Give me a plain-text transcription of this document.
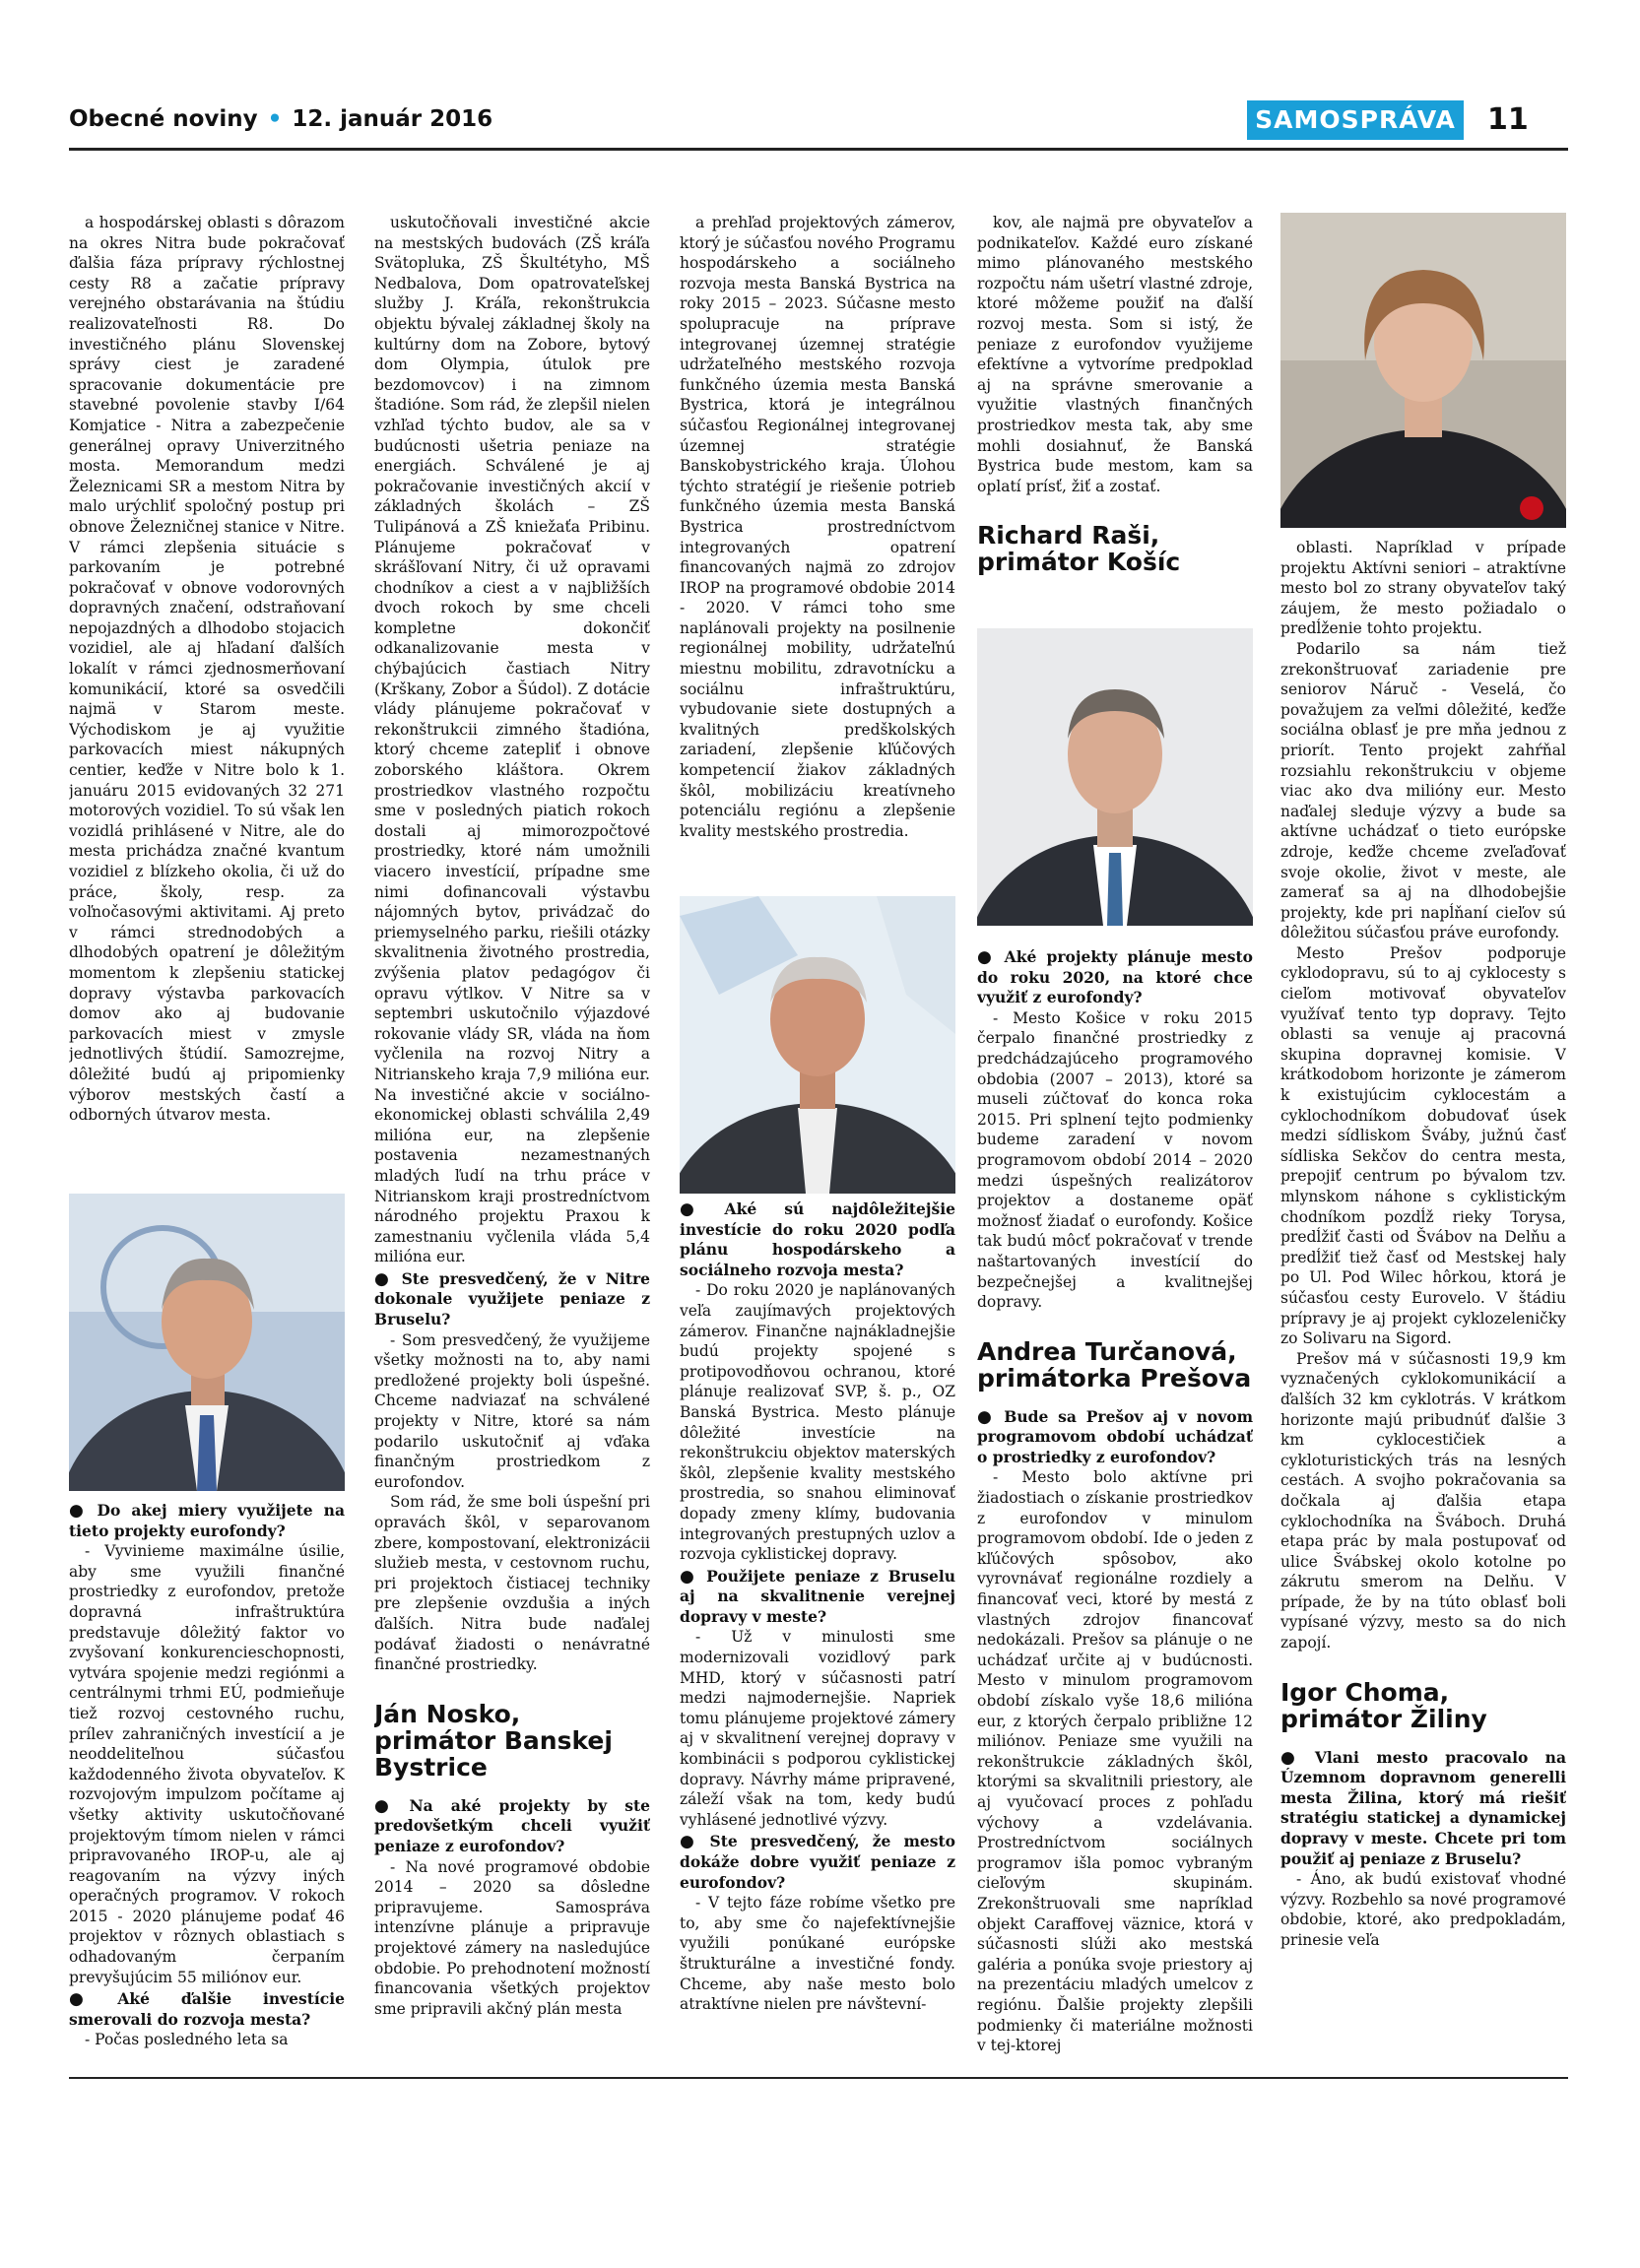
Obecné noviny • 12. január 2016	SAMOSPRÁVA 11

a hospodárskej oblasti s dôrazom na okres Nitra bude pokračovať ďalšia fáza prípravy rýchlostnej cesty R8 a začatie prípravy verejného obstarávania na štúdiu realizovateľnosti R8. Do investičného plánu Slovenskej správy ciest je zaradené spracovanie dokumentácie pre stavebné povolenie stavby I/64 Komjatice - Nitra a zabezpečenie generálnej opravy Univerzitného mosta. Memorandum medzi Železnicami SR a mestom Nitra by malo urýchliť spoločný postup pri obnove Železničnej stanice v Nitre. V rámci zlepšenia situácie s parkovaním je potrebné pokračovať v obnove vodorovných dopravných značení, odstraňovaní nepojazdných a dlhodobo stojacich vozidiel, ale aj hľadaní ďalších lokalít v rámci zjednosmerňovaní komunikácií, ktoré sa osvedčili najmä v Starom meste. Východiskom je aj využitie parkovacích miest nákupných centier, keďže v Nitre bolo k 1. januáru 2015 evidovaných 32 271 motorových vozidiel. To sú však len vozidlá prihlásené v Nitre, ale do mesta prichádza značné kvantum vozidiel z blízkeho okolia, či už do práce, školy, resp. za voľnočasovými aktivitami. Aj preto v rámci strednodobých a dlhodobých opatrení je dôležitým momentom k zlepšeniu statickej dopravy výstavba parkovacích domov ako aj budovanie parkovacích miest v zmysle jednotlivých štúdií. Samozrejme, dôležité budú aj pripomienky výborov mestských častí a odborných útvarov mesta.

● Do akej miery využijete na tieto projekty eurofondy?

- Vyvinieme maximálne úsilie, aby sme využili finančné prostriedky z eurofondov, pretože dopravná infraštruktúra predstavuje dôležitý faktor vo zvyšovaní konkurencieschopnosti, vytvára spojenie medzi regiónmi a centrálnymi trhmi EÚ, podmieňuje tiež rozvoj cestovného ruchu, prílev zahraničných investícií a je neoddeliteľnou súčasťou každodenného života obyvateľov. K rozvojovým impulzom počítame aj všetky aktivity uskutočňované projektovým tímom nielen v rámci pripravovaného IROP-u, ale aj reagovaním na výzvy iných operačných programov. V rokoch 2015 - 2020 plánujeme podať 46 projektov v rôznych oblastiach s odhadovaným čerpaním prevyšujúcim 55 miliónov eur.

● Aké ďalšie investície smerovali do rozvoja mesta?

- Počas posledného leta sa

uskutočňovali investičné akcie na mestských budovách (ZŠ kráľa Svätopluka, ZŠ Škultétyho, MŠ Nedbalova, Dom opatrovateľskej služby J. Kráľa, rekonštrukcia objektu bývalej základnej školy na kultúrny dom na Zobore, bytový dom Olympia, útulok pre bezdomovcov) i na zimnom štadióne. Som rád, že zlepšil nielen vzhľad týchto budov, ale sa v budúcnosti ušetria peniaze na energiách. Schválené je aj pokračovanie investičných akcií v základných školách – ZŠ Tulipánová a ZŠ kniežaťa Pribinu. Plánujeme pokračovať v skrášľovaní Nitry, či už opravami chodníkov a ciest a v najbližších dvoch rokoch by sme chceli kompletne dokončiť odkanalizovanie mesta v chýbajúcich častiach Nitry (Krškany, Zobor a Šúdol). Z dotácie vlády plánujeme pokračovať v rekonštrukcii zimného štadióna, ktorý chceme zatepliť i obnove zoborského kláštora. Okrem prostriedkov vlastného rozpočtu sme v posledných piatich rokoch dostali aj mimorozpočtové prostriedky, ktoré nám umožnili viacero investícií, prípadne sme nimi dofinancovali výstavbu nájomných bytov, privádzač do priemyselného parku, riešili otázky skvalitnenia životného prostredia, zvýšenia platov pedagógov či opravu výtlkov. V Nitre sa v septembri uskutočnilo výjazdové rokovanie vlády SR, vláda na ňom vyčlenila na rozvoj Nitry a Nitrianskeho kraja 7,9 milióna eur. Na investičné akcie v sociálno-ekonomickej oblasti schválila 2,49 milióna eur, na zlepšenie postavenia nezamestnaných mladých ľudí na trhu práce v Nitrianskom kraji prostredníctvom národného projektu Praxou k zamestnaniu vyčlenila vláda 5,4 milióna eur.

● Ste presvedčený, že v Nitre dokonale využijete peniaze z Bruselu?

- Som presvedčený, že využijeme všetky možnosti na to, aby nami predložené projekty boli úspešné. Chceme nadviazať na schválené projekty v Nitre, ktoré sa nám podarilo uskutočniť aj vďaka finančným prostriedkom z eurofondov.

Som rád, že sme boli úspešní pri opravách škôl, v separovanom zbere, kompostovaní, elektronizácii služieb mesta, v cestovnom ruchu, pri projektoch čistiacej techniky pre zlepšenie ovzdušia a iných ďalších. Nitra bude naďalej podávať žiadosti o nenávratné finančné prostriedky.

Ján Nosko, primátor Banskej Bystrice

● Na aké projekty by ste predovšetkým chceli využiť peniaze z eurofondov?

- Na nové programové obdobie 2014 – 2020 sa dôsledne pripravujeme. Samospráva intenzívne plánuje a pripravuje projektové zámery na nasledujúce obdobie. Po prehodnotení možností financovania všetkých projektov sme pripravili akčný plán mesta

a prehľad projektových zámerov, ktorý je súčasťou nového Programu hospodárskeho a sociálneho rozvoja mesta Banská Bystrica na roky 2015 – 2023. Súčasne mesto spolupracuje na príprave integrovanej územnej stratégie udržateľného mestského rozvoja funkčného územia mesta Banská Bystrica, ktorá je integrálnou súčasťou Regionálnej integrovanej územnej stratégie Banskobystrického kraja. Úlohou týchto stratégií je riešenie potrieb funkčného územia mesta Banská Bystrica prostredníctvom integrovaných opatrení financovaných najmä zo zdrojov IROP na programové obdobie 2014 - 2020. V rámci toho sme naplánovali projekty na posilnenie regionálnej mobility, udržateľnú miestnu mobilitu, zdravotnícku a sociálnu infraštruktúru, vybudovanie siete dostupných a kvalitných predškolských zariadení, zlepšenie kľúčových kompetencií žiakov základných škôl, mobilizáciu kreatívneho potenciálu regiónu a zlepšenie kvality mestského prostredia.

● Aké sú najdôležitejšie investície do roku 2020 podľa plánu hospodárskeho a sociálneho rozvoja mesta?

- Do roku 2020 je naplánovaných veľa zaujímavých projektových zámerov. Finančne najnákladnejšie budú projekty spojené s protipovodňovou ochranou, ktoré plánuje realizovať SVP, š. p., OZ Banská Bystrica. Mesto plánuje dôležité investície na rekonštrukciu objektov materských škôl, zlepšenie kvality mestského prostredia, so snahou eliminovať dopady zmeny klímy, budovania integrovaných prestupných uzlov a rozvoja cyklistickej dopravy.

● Použijete peniaze z Bruselu aj na skvalitnenie verejnej dopravy v meste?

- Už v minulosti sme modernizovali vozidlový park MHD, ktorý v súčasnosti patrí medzi najmodernejšie. Napriek tomu plánujeme projektové zámery aj v skvalitnení verejnej dopravy v kombinácii s podporou cyklistickej dopravy. Návrhy máme pripravené, záleží však na tom, kedy budú vyhlásené jednotlivé výzvy.

● Ste presvedčený, že mesto dokáže dobre využiť peniaze z eurofondov?

- V tejto fáze robíme všetko pre to, aby sme čo najefektívnejšie využili ponúkané európske štrukturálne a investičné fondy. Chceme, aby naše mesto bolo atraktívne nielen pre návštevní-

kov, ale najmä pre obyvateľov a podnikateľov. Každé euro získané mimo plánovaného mestského rozpočtu nám ušetrí vlastné zdroje, ktoré môžeme použiť na ďalší rozvoj mesta. Som si istý, že peniaze z eurofondov využijeme efektívne a vytvoríme predpoklad aj na správne smerovanie a využitie vlastných finančných prostriedkov mesta tak, aby sme mohli dosiahnuť, že Banská Bystrica bude mestom, kam sa oplatí prísť, žiť a zostať.

Richard Raši, primátor Košíc

● Aké projekty plánuje mesto do roku 2020, na ktoré chce využiť z eurofondy?

- Mesto Košice v roku 2015 čerpalo finančné prostriedky z predchádzajúceho programového obdobia (2007 – 2013), ktoré sa museli zúčtovať do konca roka 2015. Pri splnení tejto podmienky budeme zaradení v novom programovom období 2014 – 2020 medzi úspešných realizátorov projektov a dostaneme opäť možnosť žiadať o eurofondy. Košice tak budú môcť pokračovať v trende naštartovaných investícií do bezpečnejšej a kvalitnejšej dopravy.

Andrea Turčanová, primátorka Prešova

● Bude sa Prešov aj v novom programovom období uchádzať o prostriedky z eurofondov?

- Mesto bolo aktívne pri žiadostiach o získanie prostriedkov z eurofondov v minulom programovom období. Ide o jeden z kľúčových spôsobov, ako vyrovnávať regionálne rozdiely a financovať veci, ktoré by mestá z vlastných zdrojov financovať nedokázali. Prešov sa plánuje o ne uchádzať určite aj v budúcnosti. Mesto v minulom programovom období získalo vyše 18,6 milióna eur, z ktorých čerpalo približne 12 miliónov. Peniaze sme využili na rekonštrukcie základných škôl, ktorými sa skvalitnili priestory, ale aj vyučovací proces z pohľadu výchovy a vzdelávania. Prostredníctvom sociálnych programov išla pomoc vybraným cieľovým skupinám. Zrekonštruovali sme napríklad objekt Caraffovej väznice, ktorá v súčasnosti slúži ako mestská galéria a ponúka svoje priestory aj na prezentáciu mladých umelcov z regiónu. Ďalšie projekty zlepšili podmienky či materiálne možnosti v tej-ktorej

oblasti. Napríklad v prípade projektu Aktívni seniori – atraktívne mesto bol zo strany obyvateľov taký záujem, že mesto požiadalo o predĺženie tohto projektu.

Podarilo sa nám tiež zrekonštruovať zariadenie pre seniorov Náruč - Veselá, čo považujem za veľmi dôležité, keďže sociálna oblasť je pre mňa jednou z priorít. Tento projekt zahŕňal rozsiahlu rekonštrukciu v objeme viac ako dva milióny eur. Mesto naďalej sleduje výzvy a bude sa aktívne uchádzať o tieto európske zdroje, keďže chceme zveľaďovať svoje okolie, život v meste, ale zamerať sa aj na dlhodobejšie projekty, kde pri napĺňaní cieľov sú dôležitou súčasťou práve eurofondy.

Mesto Prešov podporuje cyklodopravu, sú to aj cyklocesty s cieľom motivovať obyvateľov využívať tento typ dopravy. Tejto oblasti sa venuje aj pracovná skupina dopravnej komisie. V krátkodobom horizonte je zámerom k existujúcim cyklocestám a cyklochodníkom dobudovať úsek medzi sídliskom Šváby, južnú časť sídliska Sekčov do centra mesta, prepojiť centrum po bývalom tzv. mlynskom náhone s cyklistickým chodníkom pozdĺž rieky Torysa, predĺžiť časti od Švábov na Delňu a predĺžiť tiež časť od Mestskej haly po Ul. Pod Wilec hôrkou, ktorá je súčasťou cesty Eurovelo. V štádiu prípravy je aj projekt cyklozeleničky zo Solivaru na Sigord.

Prešov má v súčasnosti 19,9 km vyznačených cyklokomunikácií a ďalších 32 km cyklotrás. V krátkom horizonte majú pribudnúť ďalšie 3 km cyklocestičiek a cykloturistických trás na lesných cestách. A svojho pokračovania sa dočkala aj ďalšia etapa cyklochodníka na Šváboch. Druhá etapa prác by mala postupovať od ulice Švábskej okolo kotolne po zákrutu smerom na Delňu. V prípade, že by na túto oblasť boli vypísané výzvy, mesto sa do nich zapojí.

Igor Choma, primátor Žiliny

● Vlani mesto pracovalo na Územnom dopravnom generelli mesta Žilina, ktorý má riešiť stratégiu statickej a dynamickej dopravy v meste. Chcete pri tom použiť aj peniaze z Bruselu?

- Áno, ak budú existovať vhodné výzvy. Rozbehlo sa nové programové obdobie, ktoré, ako predpokladám, prinesie veľa
